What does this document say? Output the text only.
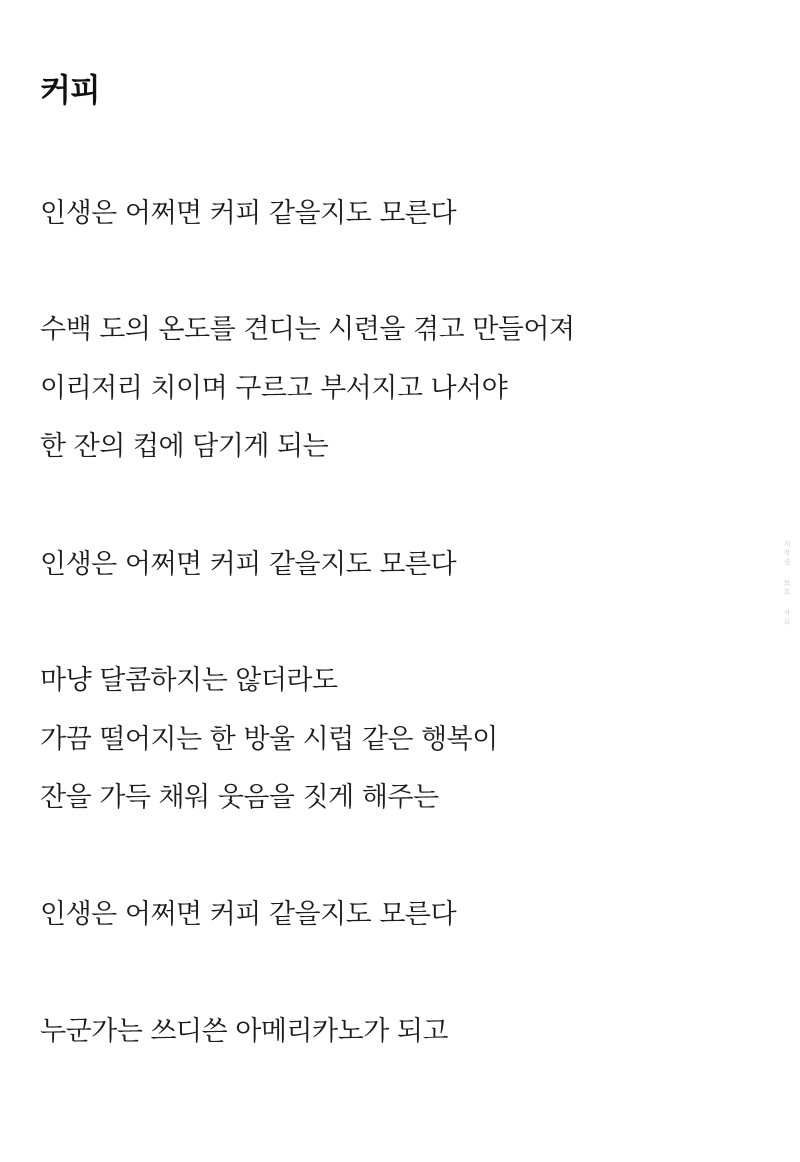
커피

인생은 어쩌면 커피 같을지도 모른다

수백 도의 온도를 견디는 시련을 겪고 만들어져

이리저리 치이며 구르고 부서지고 나서야

한 잔의 컵에 담기게 되는

인생은 어쩌면 커피 같을지도 모른다

마냥 달콤하지는 않더라도

가끔 떨어지는 한 방울 시럽 같은 행복이

잔을 가득 채워 웃음을 짓게 해주는

인생은 어쩌면 커피 같을지도 모른다

누군가는 쓰디쓴 아메리카노가 되고

저작권
보호
자료
